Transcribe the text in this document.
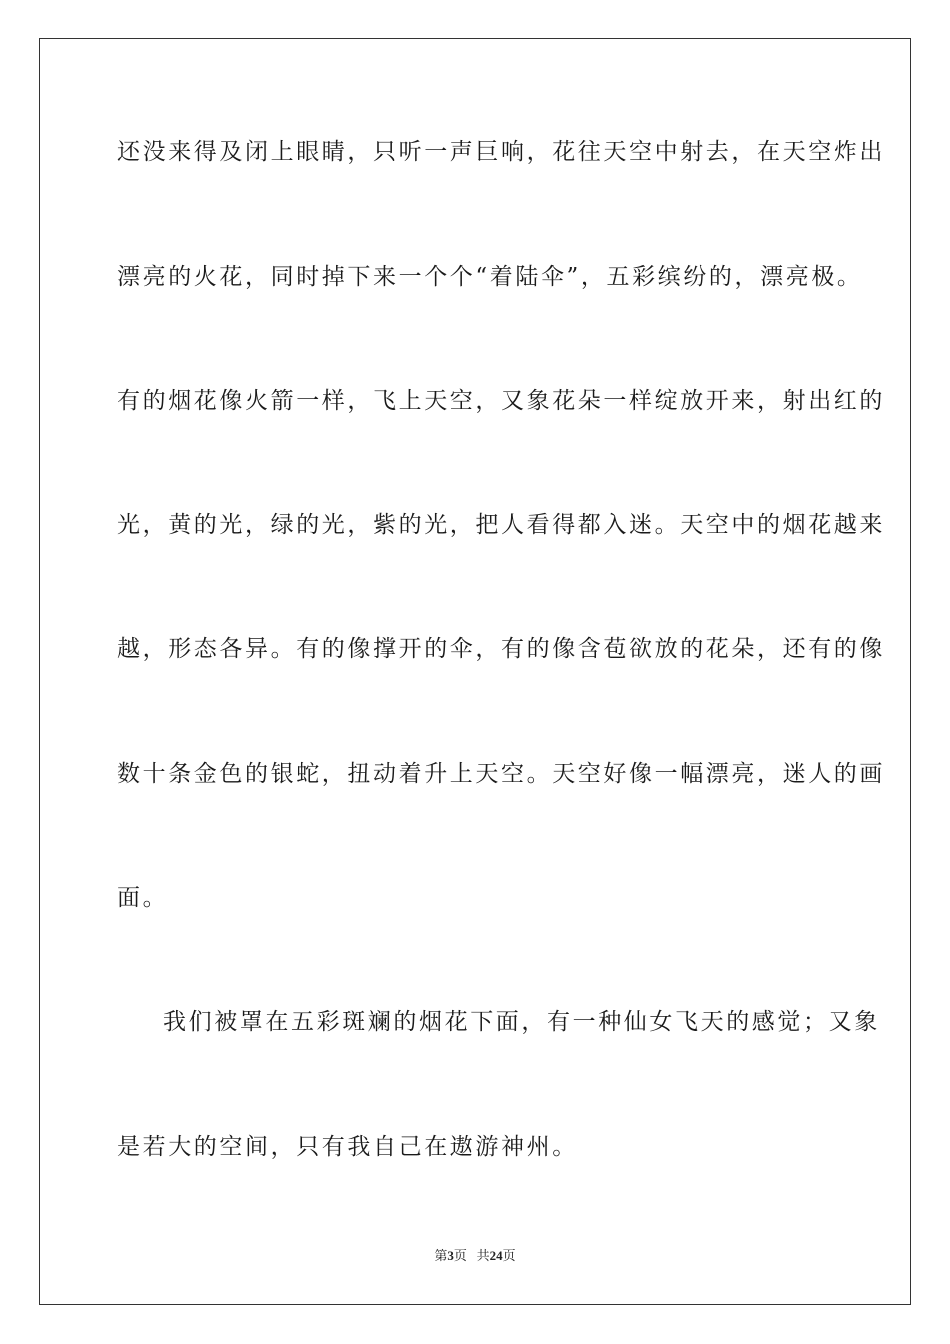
还没来得及闭上眼睛，只听一声巨响，花往天空中射去，在天空炸出
漂亮的火花，同时掉下来一个个“着陆伞”，五彩缤纷的，漂亮极。
有的烟花像火箭一样，飞上天空，又象花朵一样绽放开来，射出红的
光，黄的光，绿的光，紫的光，把人看得都入迷。天空中的烟花越来
越，形态各异。有的像撑开的伞，有的像含苞欲放的花朵，还有的像
数十条金色的银蛇，扭动着升上天空。天空好像一幅漂亮，迷人的画
面。
我们被罩在五彩斑斓的烟花下面，有一种仙女飞天的感觉；又象
是若大的空间，只有我自己在遨游神州。
第3页 共24页
